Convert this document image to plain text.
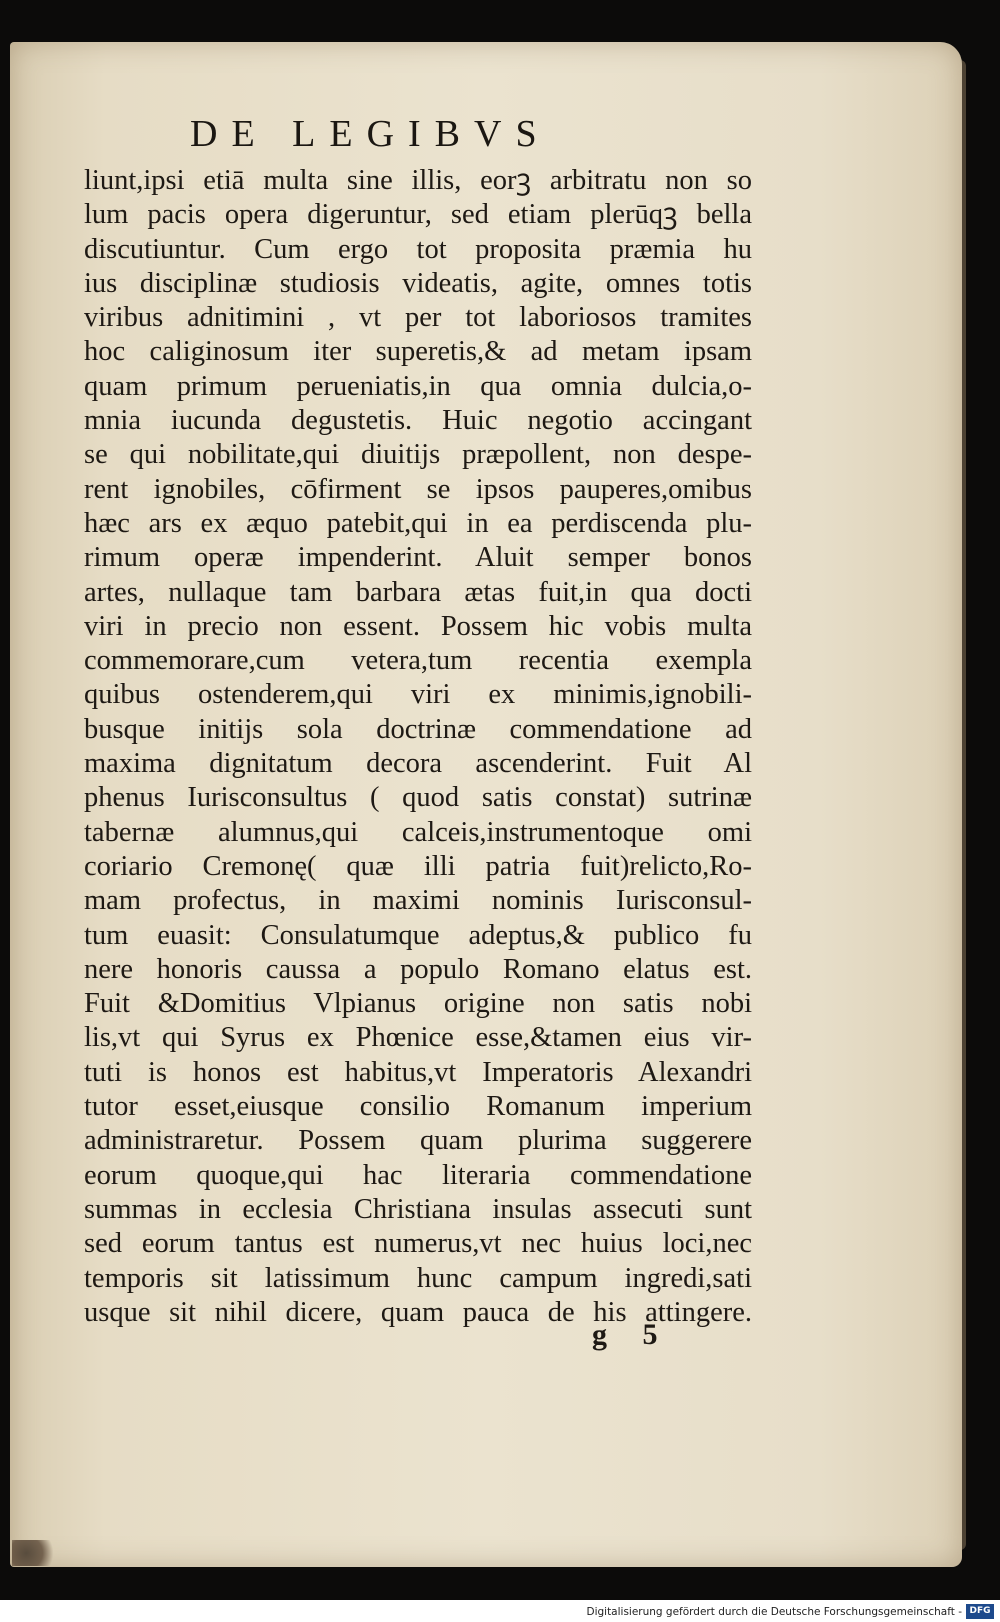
DE LEGIBVS
liunt,ipsi etiā multa sine illis, eorꝫ arbitratu non so
lum pacis opera digeruntur, sed etiam plerūqꝫ bella
discutiuntur. Cum ergo tot proposita præmia hu
ius disciplinæ studiosis videatis, agite, omnes totis
viribus adnitimini , vt per tot laboriosos tramites
hoc caliginosum iter superetis,& ad metam ipsam
quam primum perueniatis,in qua omnia dulcia,o-
mnia iucunda degustetis. Huic negotio accingant
se qui nobilitate,qui diuitijs præpollent, non despe-
rent ignobiles, cōfirment se ipsos pauperes,omibus
hæc ars ex æquo patebit,qui in ea perdiscenda plu-
rimum operæ impenderint. Aluit semper bonos
artes, nullaque tam barbara ætas fuit,in qua docti
viri in precio non essent. Possem hic vobis multa
commemorare,cum vetera,tum recentia exempla
quibus ostenderem,qui viri ex minimis,ignobili-
busque initijs sola doctrinæ commendatione ad
maxima dignitatum decora ascenderint. Fuit Al
phenus Iurisconsultus ( quod satis constat) sutrinæ
tabernæ alumnus,qui calceis,instrumentoque omi
coriario Cremonę( quæ illi patria fuit)relicto,Ro-
mam profectus, in maximi nominis Iurisconsul-
tum euasit: Consulatumque adeptus,& publico fu
nere honoris caussa a populo Romano elatus est.
Fuit &Domitius Vlpianus origine non satis nobi
lis,vt qui Syrus ex Phœnice esse,&tamen eius vir-
tuti is honos est habitus,vt Imperatoris Alexandri
tutor esset,eiusque consilio Romanum imperium
administraretur. Possem quam plurima suggerere
eorum quoque,qui hac literaria commendatione
summas in ecclesia Christiana insulas assecuti sunt
sed eorum tantus est numerus,vt nec huius loci,nec
temporis sit latissimum hunc campum ingredi,sati
usque sit nihil dicere, quam pauca de his attingere.
g 5
Digitalisierung gefördert durch die Deutsche Forschungsgemeinschaft - DFG
